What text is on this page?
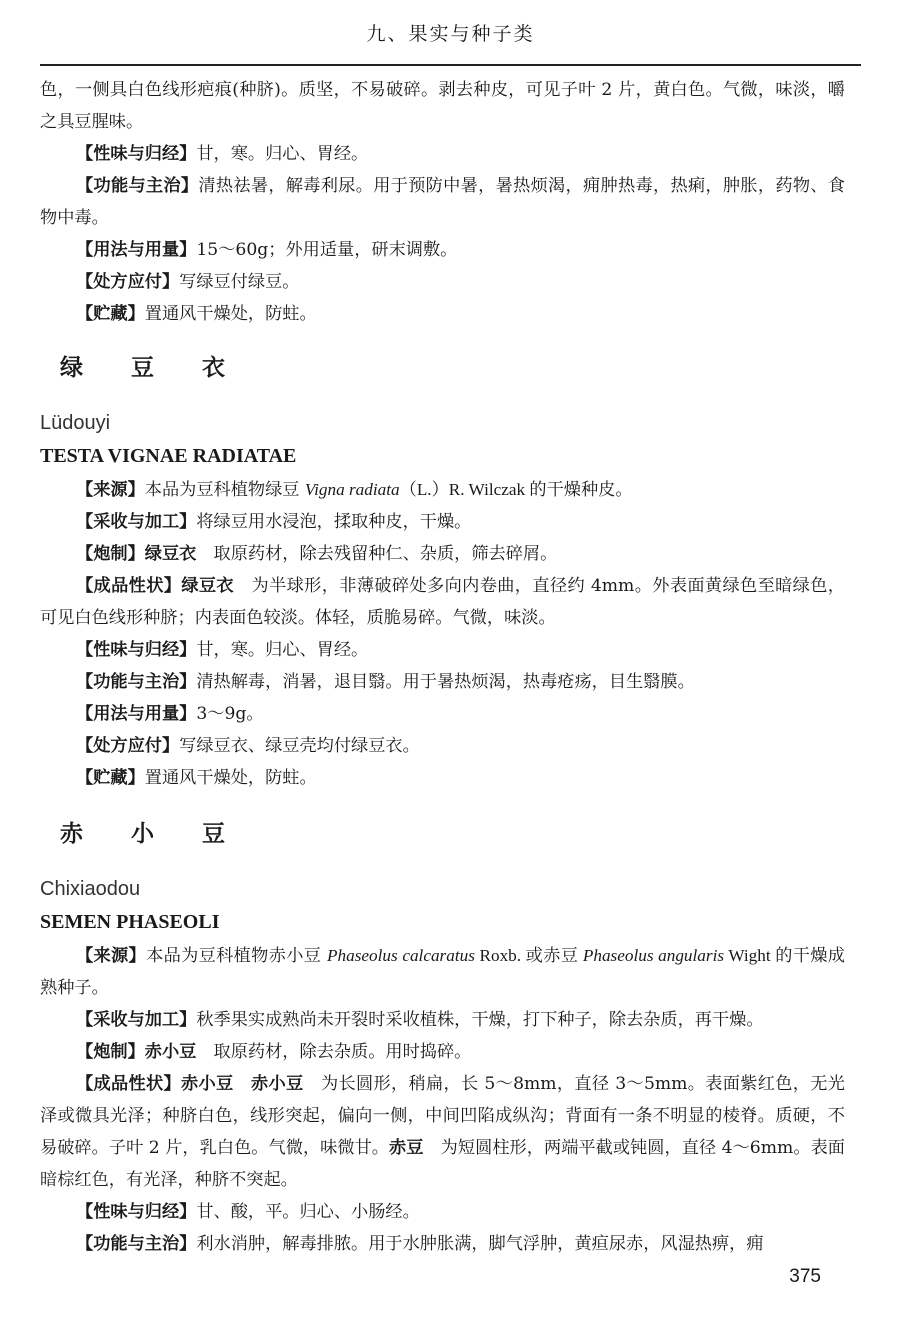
九、果实与种子类

色，一侧具白色线形疤痕(种脐)。质坚，不易破碎。剥去种皮，可见子叶 2 片，黄白色。气微，味淡，嚼之具豆腥味。

【性味与归经】甘，寒。归心、胃经。

【功能与主治】清热祛暑，解毒利尿。用于预防中暑，暑热烦渴，痈肿热毒，热痢，肿胀，药物、食物中毒。

【用法与用量】15～60g；外用适量，研末调敷。

【处方应付】写绿豆付绿豆。

【贮藏】置通风干燥处，防蛀。

绿 豆 衣

Lüdouyi

TESTA VIGNAE RADIATAE

【来源】本品为豆科植物绿豆 Vigna radiata（L.）R. Wilczak 的干燥种皮。

【采收与加工】将绿豆用水浸泡，揉取种皮，干燥。

【炮制】绿豆衣　取原药材，除去残留种仁、杂质，筛去碎屑。

【成品性状】绿豆衣　为半球形，非薄破碎处多向内卷曲，直径约 4mm。外表面黄绿色至暗绿色，可见白色线形种脐；内表面色较淡。体轻，质脆易碎。气微，味淡。

【性味与归经】甘，寒。归心、胃经。

【功能与主治】清热解毒，消暑，退目翳。用于暑热烦渴，热毒疮疡，目生翳膜。

【用法与用量】3～9g。

【处方应付】写绿豆衣、绿豆壳均付绿豆衣。

【贮藏】置通风干燥处，防蛀。

赤 小 豆

Chixiaodou

SEMEN PHASEOLI

【来源】本品为豆科植物赤小豆 Phaseolus calcaratus Roxb. 或赤豆 Phaseolus angularis Wight 的干燥成熟种子。

【采收与加工】秋季果实成熟尚未开裂时采收植株，干燥，打下种子，除去杂质，再干燥。

【炮制】赤小豆　取原药材，除去杂质。用时捣碎。

【成品性状】赤小豆　赤小豆　为长圆形，稍扁，长 5～8mm，直径 3～5mm。表面紫红色，无光泽或微具光泽；种脐白色，线形突起，偏向一侧，中间凹陷成纵沟；背面有一条不明显的棱脊。质硬，不易破碎。子叶 2 片，乳白色。气微，味微甘。赤豆　为短圆柱形，两端平截或钝圆，直径 4～6mm。表面暗棕红色，有光泽，种脐不突起。

【性味与归经】甘、酸，平。归心、小肠经。

【功能与主治】利水消肿，解毒排脓。用于水肿胀满，脚气浮肿，黄疸尿赤，风湿热痹，痈

375
